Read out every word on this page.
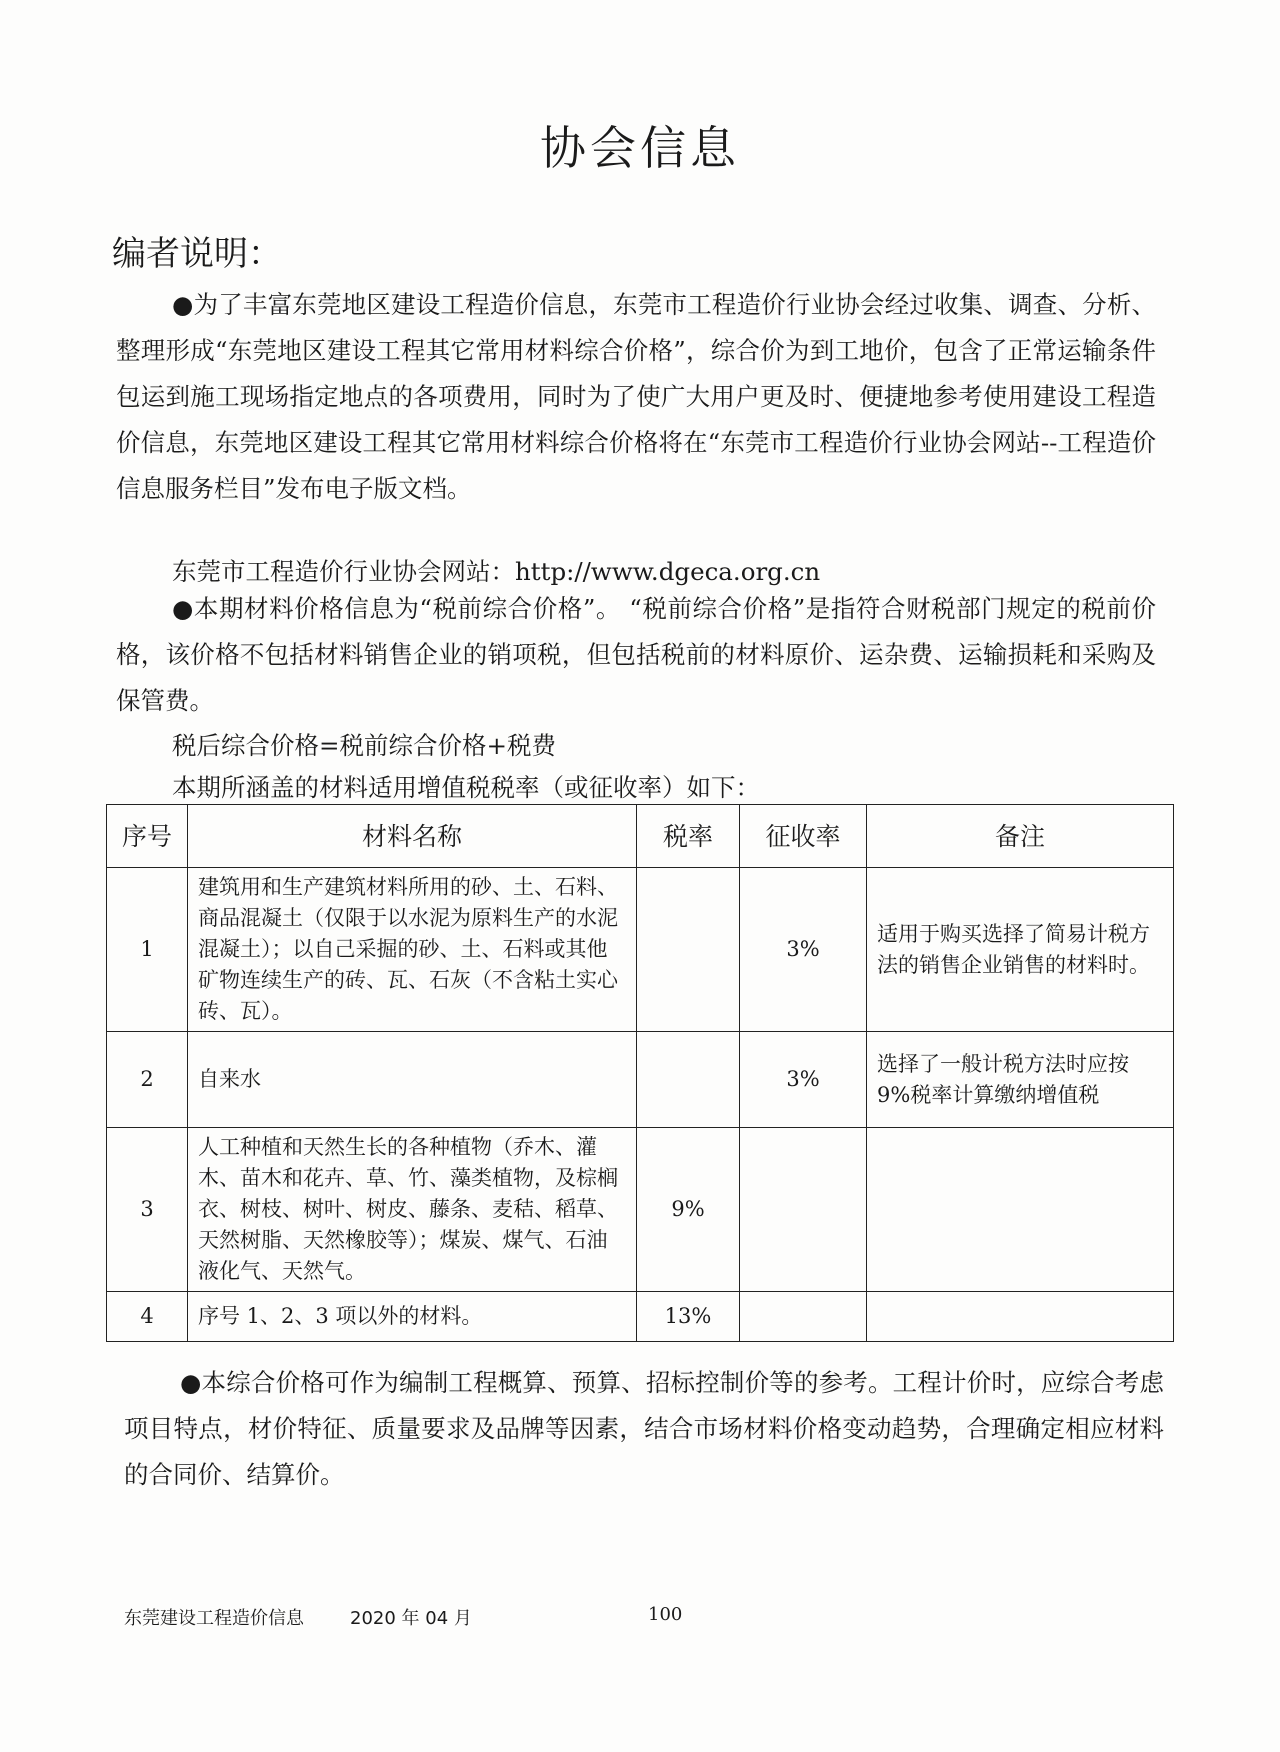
协会信息
编者说明：

●为了丰富东莞地区建设工程造价信息，东莞市工程造价行业协会经过收集、调查、分析、整理形成“东莞地区建设工程其它常用材料综合价格”，综合价为到工地价，包含了正常运输条件包运到施工现场指定地点的各项费用，同时为了使广大用户更及时、便捷地参考使用建设工程造价信息，东莞地区建设工程其它常用材料综合价格将在“东莞市工程造价行业协会网站--工程造价信息服务栏目”发布电子版文档。

东莞市工程造价行业协会网站：http://www.dgeca.org.cn

●本期材料价格信息为“税前综合价格”。 “税前综合价格”是指符合财税部门规定的税前价格，该价格不包括材料销售企业的销项税，但包括税前的材料原价、运杂费、运输损耗和采购及保管费。

税后综合价格=税前综合价格+税费
本期所涵盖的材料适用增值税税率（或征收率）如下：
序号	材料名称	税率	征收率	备注
1	建筑用和生产建筑材料所用的砂、土、石料、商品混凝土（仅限于以水泥为原料生产的水泥混凝土）；以自己采掘的砂、土、石料或其他矿物连续生产的砖、瓦、石灰（不含粘土实心砖、瓦）。		3%	适用于购买选择了简易计税方法的销售企业销售的材料时。
2	自来水		3%	选择了一般计税方法时应按 9%税率计算缴纳增值税
3	人工种植和天然生长的各种植物（乔木、灌木、苗木和花卉、草、竹、藻类植物，及棕榈衣、树枝、树叶、树皮、藤条、麦秸、稻草、天然树脂、天然橡胶等）；煤炭、煤气、石油液化气、天然气。	9%		
4	序号 1、2、3 项以外的材料。	13%		

●本综合价格可作为编制工程概算、预算、招标控制价等的参考。工程计价时，应综合考虑项目特点，材价特征、质量要求及品牌等因素，结合市场材料价格变动趋势，合理确定相应材料的合同价、结算价。

东莞建设工程造价信息	2020 年 04 月	100
